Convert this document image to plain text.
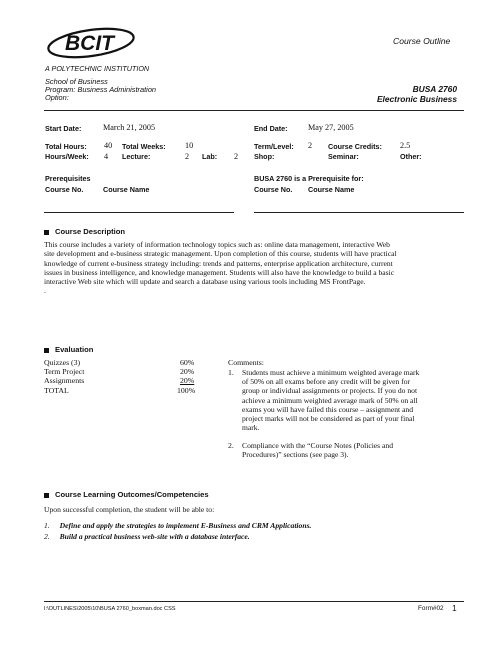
BCIT
A POLYTECHNIC INSTITUTION
Course Outline
School of Business
Program: Business Administration
Option:
BUSA 2760
Electronic Business
Start Date:	March 21, 2005	End Date: May 27, 2005
Total Hours: 40 Total Weeks: 10	Term/Level: 2 Course Credits: 2.5
Hours/Week: 4 Lecture:	2 Lab: 2 Shop:	Seminar:	Other:
Prerequisites	BUSA 2760 is a Prerequisite for:
Course No.	Course Name	Course No. Course Name
Course Description
This course includes a variety of information technology topics such as: online data management, interactive Web
site development and e-business strategic management. Upon completion of this course, students will have practical
knowledge of current e-business strategy including: trends and patterns, enterprise application architecture, current
issues in business intelligence, and knowledge management. Students will also have the knowledge to build a basic
interactive Web site which will update and search a database using various tools including MS FrontPage.
.
Evaluation
Quizzes (3)	60%
Term Project	20%
Assignments	20%
TOTAL	100%
Comments:
1. Students must achieve a minimum weighted average mark
of 50% on all exams before any credit will be given for
group or individual assignments or projects. If you do not
achieve a minimum weighted average mark of 50% on all
exams you will have failed this course – assignment and
project marks will not be considered as part of your final
mark.
2. Compliance with the “Course Notes (Policies and
Procedures)” sections (see page 3).
Course Learning Outcomes/Competencies
Upon successful completion, the student will be able to:
1. Define and apply the strategies to implement E-Business and CRM Applications.
2. Build a practical business web-site with a database interface.
I:\OUTLINES\2005\10\BUSA 2760_boxman.doc CSS	Form#02 1
